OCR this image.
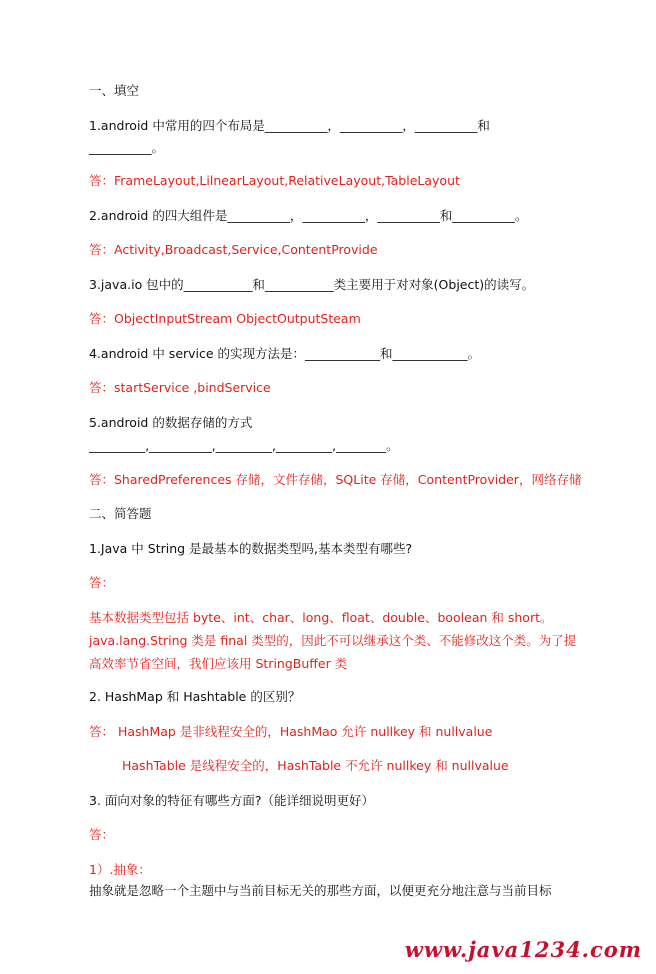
一、填空
1.android 中常用的四个布局是__________，__________，__________和
__________。
答：FrameLayout,LilnearLayout,RelativeLayout,TableLayout
2.android 的四大组件是__________，__________，__________和__________。
答：Activity,Broadcast,Service,ContentProvide
3.java.io 包中的___________和___________类主要用于对对象(Object)的读写。
答：ObjectInputStream ObjectOutputSteam
4.android 中 service 的实现方法是：____________和____________。
答：startService ,bindService
5.android 的数据存储的方式
_________,__________,_________,_________,________。
答：SharedPreferences 存储，文件存储，SQLite 存储，ContentProvider，网络存储
二、简答题
1.Java 中 String 是最基本的数据类型吗,基本类型有哪些?
答：
基本数据类型包括 byte、int、char、long、float、double、boolean 和 short。
java.lang.String 类是 final 类型的，因此不可以继承这个类、不能修改这个类。为了提
高效率节省空间，我们应该用 StringBuffer 类
2. HashMap 和 Hashtable 的区别？
答： HashMap 是非线程安全的，HashMao 允许 nullkey 和 nullvalue
HashTable 是线程安全的，HashTable 不允许 nullkey 和 nullvalue
3. 面向对象的特征有哪些方面?（能详细说明更好）
答：
1）.抽象：
抽象就是忽略一个主题中与当前目标无关的那些方面，以便更充分地注意与当前目标
www.java1234.com
